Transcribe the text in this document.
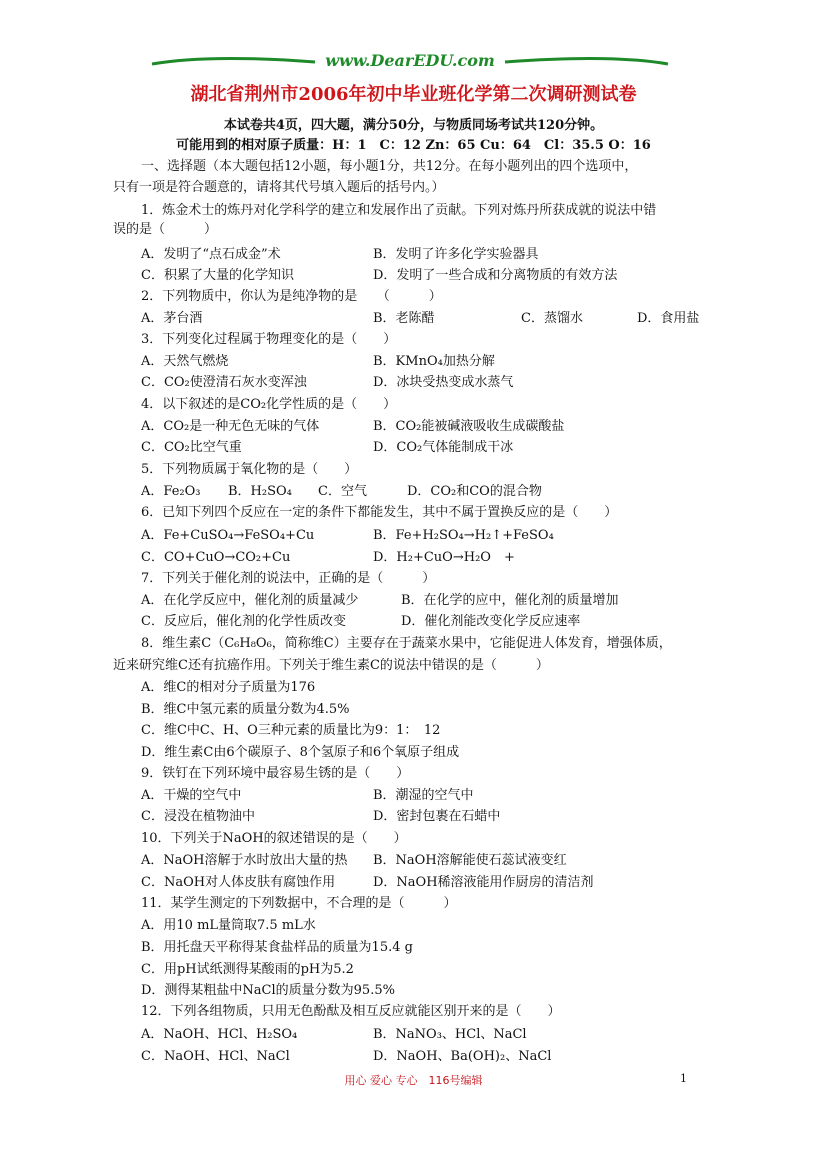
www.DearEDU.com
湖北省荆州市2006年初中毕业班化学第二次调研测试卷
本试卷共4页，四大题，满分50分，与物质同场考试共120分钟。
可能用到的相对原子质量：H：1　C：12 Zn：65 Cu：64　Cl：35.5 O：16
一、选择题（本大题包括12小题，每小题1分，共12分。在每小题列出的四个选项中，
只有一项是符合题意的，请将其代号填入题后的括号内。）
1．炼金术士的炼丹对化学科学的建立和发展作出了贡献。下列对炼丹所获成就的说法中错
误的是（　　　）
A．发明了“点石成金”术	B．发明了许多化学实验器具
C．积累了大量的化学知识	D．发明了一些合成和分离物质的有效方法
2．下列物质中，你认为是纯净物的是　　（　　　）
A．茅台酒	B．老陈醋	C．蒸馏水	D．食用盐
3．下列变化过程属于物理变化的是（　　）
A．天然气燃烧	B．KMnO₄加热分解
C．CO₂使澄清石灰水变浑浊	D．冰块受热变成水蒸气
4．以下叙述的是CO₂化学性质的是（　　）
A．CO₂是一种无色无味的气体	B．CO₂能被碱液吸收生成碳酸盐
C．CO₂比空气重	D．CO₂气体能制成干冰
5．下列物质属于氧化物的是（　　）
A．Fe₂O₃ B．H₂SO₄ C．空气	D．CO₂和CO的混合物
6．已知下列四个反应在一定的条件下都能发生，其中不属于置换反应的是（　　）
A．Fe+CuSO₄→FeSO₄+Cu	B．Fe+H₂SO₄→H₂↑+FeSO₄
C．CO+CuO→CO₂+Cu	D．H₂+CuO→H₂O　+
7．下列关于催化剂的说法中，正确的是（　　　）
A．在化学反应中，催化剂的质量减少	B．在化学的应中，催化剂的质量增加
C．反应后，催化剂的化学性质改变	D．催化剂能改变化学反应速率
8．维生素C（C₆H₈O₆，简称维C）主要存在于蔬菜水果中，它能促进人体发育，增强体质，
近来研究维C还有抗癌作用。下列关于维生素C的说法中错误的是（　　　）
A．维C的相对分子质量为176
B．维C中氢元素的质量分数为4.5%
C．维C中C、H、O三种元素的质量比为9：1：　12
D．维生素C由6个碳原子、8个氢原子和6个氧原子组成
9．铁钉在下列环境中最容易生锈的是（　　）
A．干燥的空气中	B．潮湿的空气中
C．浸没在植物油中	D．密封包裹在石蜡中
10．下列关于NaOH的叙述错误的是（　　）
A．NaOH溶解于水时放出大量的热 B．NaOH溶解能使石蕊试液变红
C．NaOH对人体皮肤有腐蚀作用	D．NaOH稀溶液能用作厨房的清洁剂
11．某学生测定的下列数据中，不合理的是（　　　）
A．用10 mL量筒取7.5 mL水
B．用托盘天平称得某食盐样品的质量为15.4 g
C．用pH试纸测得某酸雨的pH为5.2
D．测得某粗盐中NaCl的质量分数为95.5%
12．下列各组物质，只用无色酚酞及相互反应就能区别开来的是（　　）
A．NaOH、HCl、H₂SO₄	B．NaNO₃、HCl、NaCl
C．NaOH、HCl、NaCl	D．NaOH、Ba(OH)₂、NaCl
用心 爱心 专心　116号编辑	1
